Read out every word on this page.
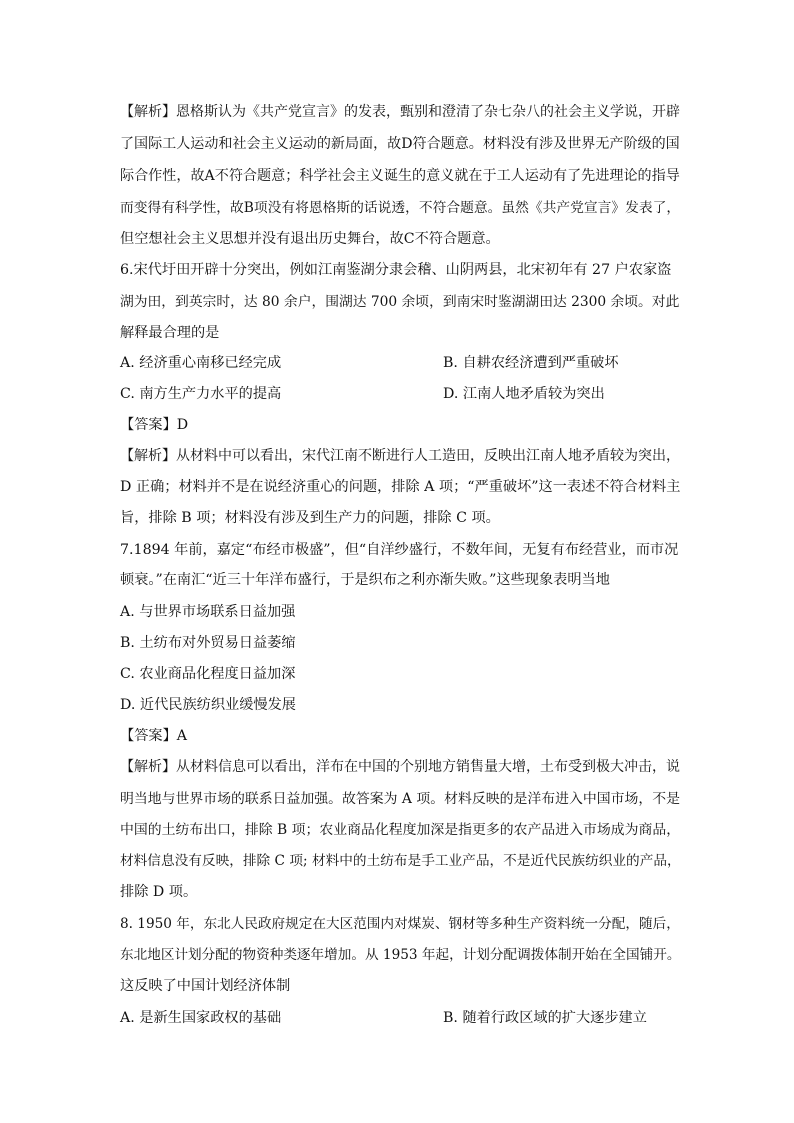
【解析】恩格斯认为《共产党宣言》的发表，甄别和澄清了杂七杂八的社会主义学说，开辟
了国际工人运动和社会主义运动的新局面，故D符合题意。材料没有涉及世界无产阶级的国
际合作性，故A不符合题意；科学社会主义诞生的意义就在于工人运动有了先进理论的指导
而变得有科学性，故B项没有将恩格斯的话说透，不符合题意。虽然《共产党宣言》发表了，
但空想社会主义思想并没有退出历史舞台，故C不符合题意。
6.宋代圩田开辟十分突出，例如江南鉴湖分隶会稽、山阴两县，北宋初年有 27 户农家盗
湖为田，到英宗时，达 80 余户，围湖达 700 余顷，到南宋时鉴湖湖田达 2300 余顷。对此
解释最合理的是
A. 经济重心南移已经完成	B. 自耕农经济遭到严重破坏
C. 南方生产力水平的提高	D. 江南人地矛盾较为突出
【答案】D
【解析】从材料中可以看出，宋代江南不断进行人工造田，反映出江南人地矛盾较为突出，
D 正确；材料并不是在说经济重心的问题，排除 A 项；“严重破坏”这一表述不符合材料主
旨，排除 B 项；材料没有涉及到生产力的问题，排除 C 项。
7.1894 年前，嘉定“布经市极盛”，但“自洋纱盛行，不数年间，无复有布经营业，而市况
顿衰。”在南汇“近三十年洋布盛行，于是织布之利亦渐失败。”这些现象表明当地
A. 与世界市场联系日益加强
B. 土纺布对外贸易日益萎缩
C. 农业商品化程度日益加深
D. 近代民族纺织业缓慢发展
【答案】A
【解析】从材料信息可以看出，洋布在中国的个别地方销售量大增，土布受到极大冲击，说
明当地与世界市场的联系日益加强。故答案为 A 项。材料反映的是洋布进入中国市场，不是
中国的土纺布出口，排除 B 项；农业商品化程度加深是指更多的农产品进入市场成为商品，
材料信息没有反映，排除 C 项; 材料中的土纺布是手工业产品，不是近代民族纺织业的产品，
排除 D 项。
8. 1950 年，东北人民政府规定在大区范围内对煤炭、钢材等多种生产资料统一分配，随后，
东北地区计划分配的物资种类逐年增加。从 1953 年起，计划分配调拨体制开始在全国铺开。
这反映了中国计划经济体制
A. 是新生国家政权的基础	B. 随着行政区域的扩大逐步建立
